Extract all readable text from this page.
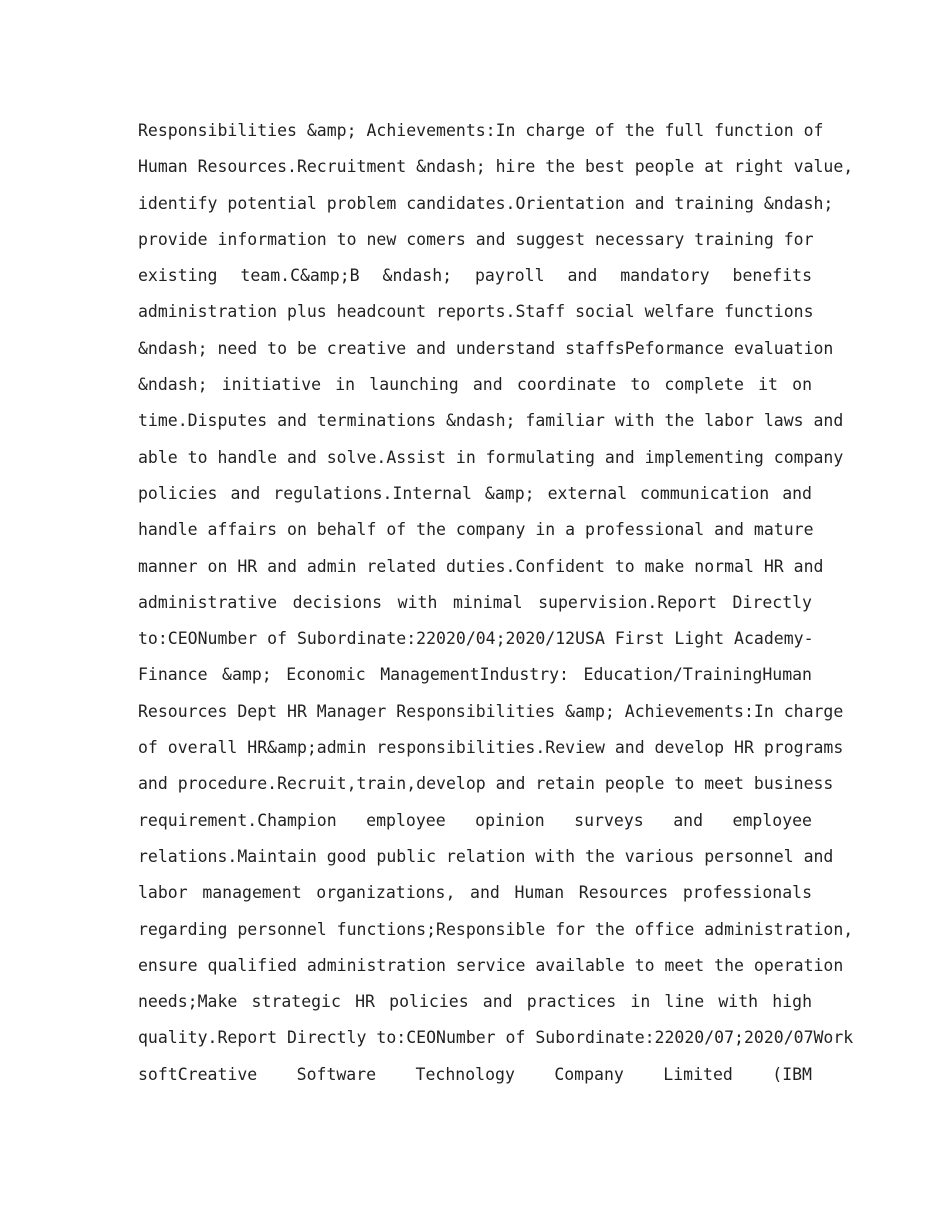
Responsibilities &amp; Achievements:In charge of the full function of
Human Resources.Recruitment &ndash; hire the best people at right value,
identify potential problem candidates.Orientation and training &ndash;
provide information to new comers and suggest necessary training for
existing team.C&amp;B &ndash; payroll and mandatory benefits
administration plus headcount reports.Staff social welfare functions
&ndash; need to be creative and understand staffsPeformance evaluation
&ndash; initiative in launching and coordinate to complete it on
time.Disputes and terminations &ndash; familiar with the labor laws and
able to handle and solve.Assist in formulating and implementing company
policies and regulations.Internal &amp; external communication and
handle affairs on behalf of the company in a professional and mature
manner on HR and admin related duties.Confident to make normal HR and
administrative decisions with minimal supervision.Report Directly
to:CEONumber of Subordinate:22020/04;2020/12USA First Light Academy-
Finance &amp; Economic ManagementIndustry: Education/TrainingHuman
Resources Dept HR Manager Responsibilities &amp; Achievements:In charge
of overall HR&amp;admin responsibilities.Review and develop HR programs
and procedure.Recruit,train,develop and retain people to meet business
requirement.Champion employee opinion surveys and employee
relations.Maintain good public relation with the various personnel and
labor management organizations, and Human Resources professionals
regarding personnel functions;Responsible for the office administration,
ensure qualified administration service available to meet the operation
needs;Make strategic HR policies and practices in line with high
quality.Report Directly to:CEONumber of Subordinate:22020/07;2020/07Work
softCreative Software Technology Company Limited (IBM
